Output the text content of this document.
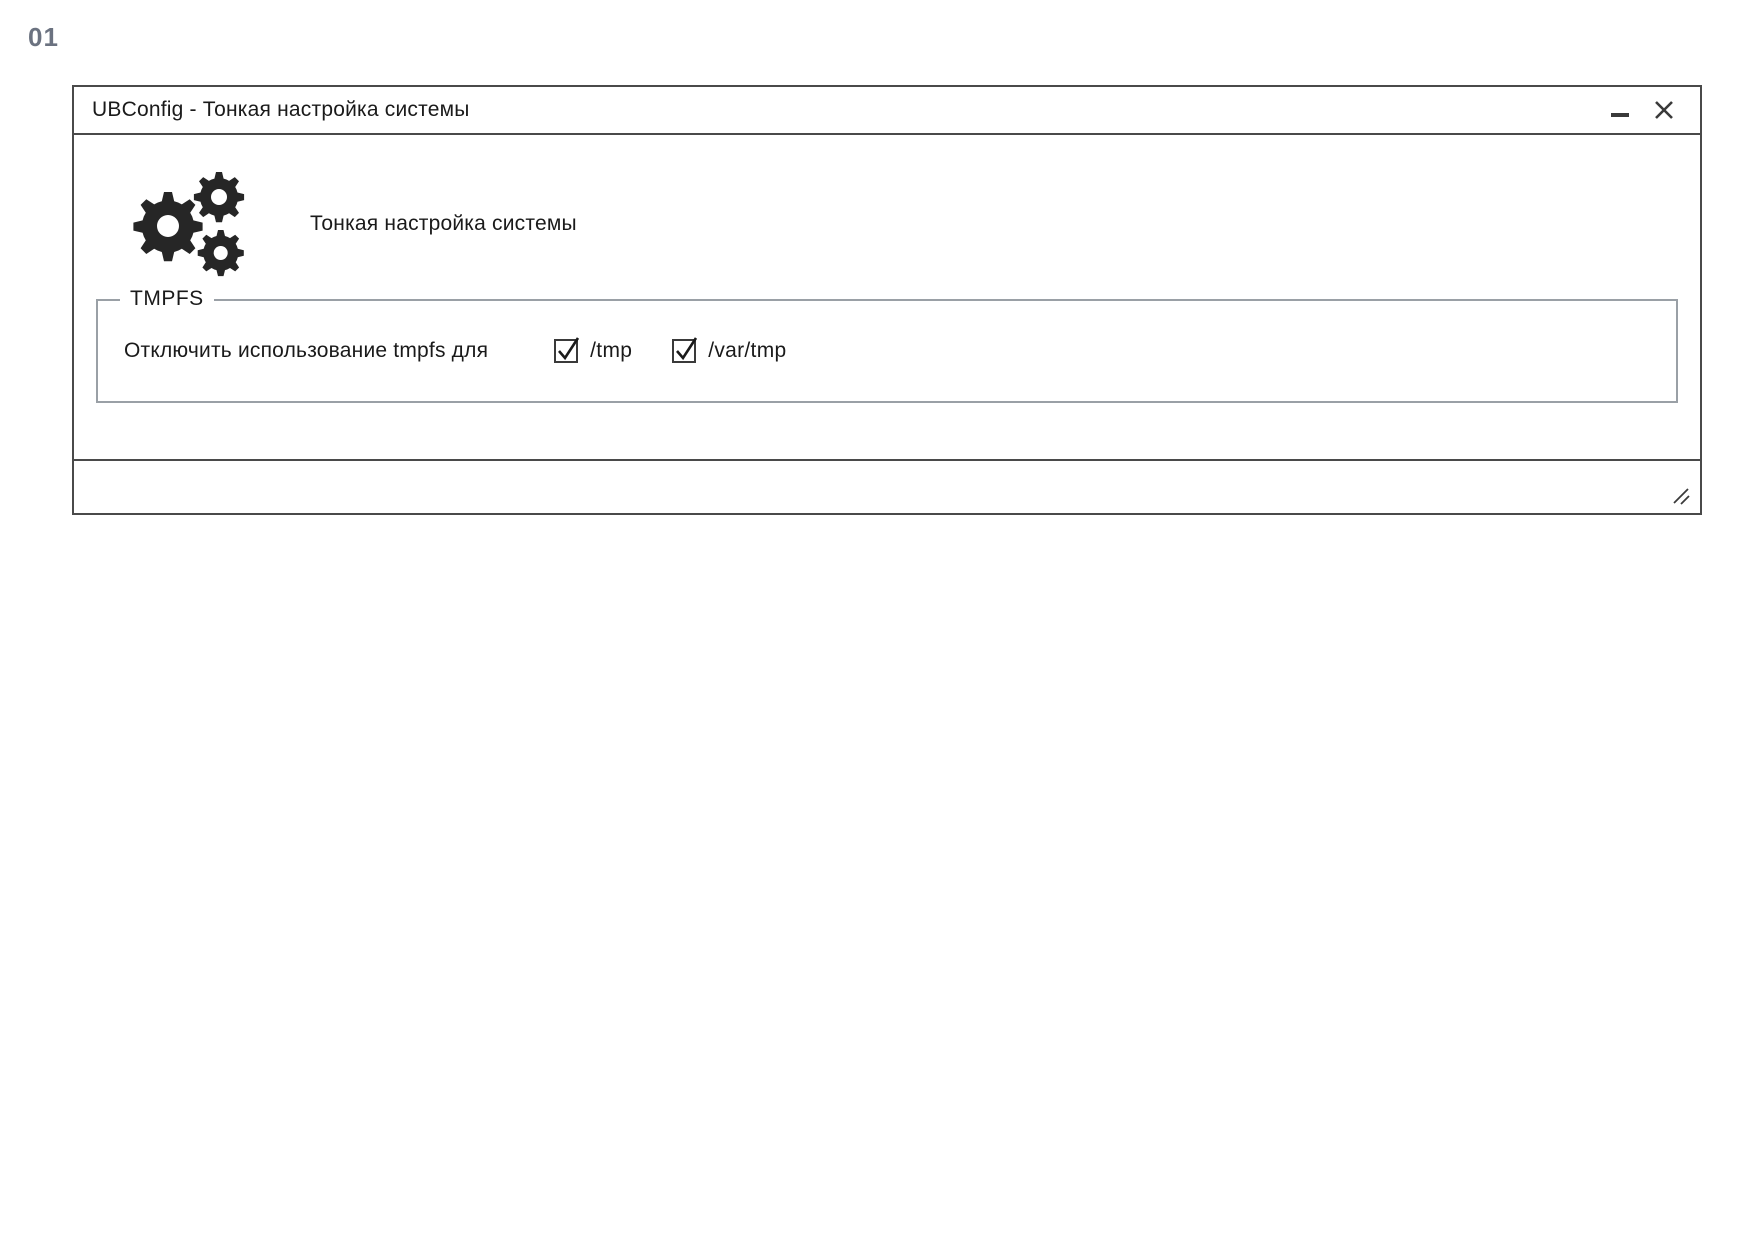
01
UBConfig - Тонкая настройка системы
Тонкая настройка системы
TMPFS
Отключить использование tmpfs для	/tmp	/var/tmp
